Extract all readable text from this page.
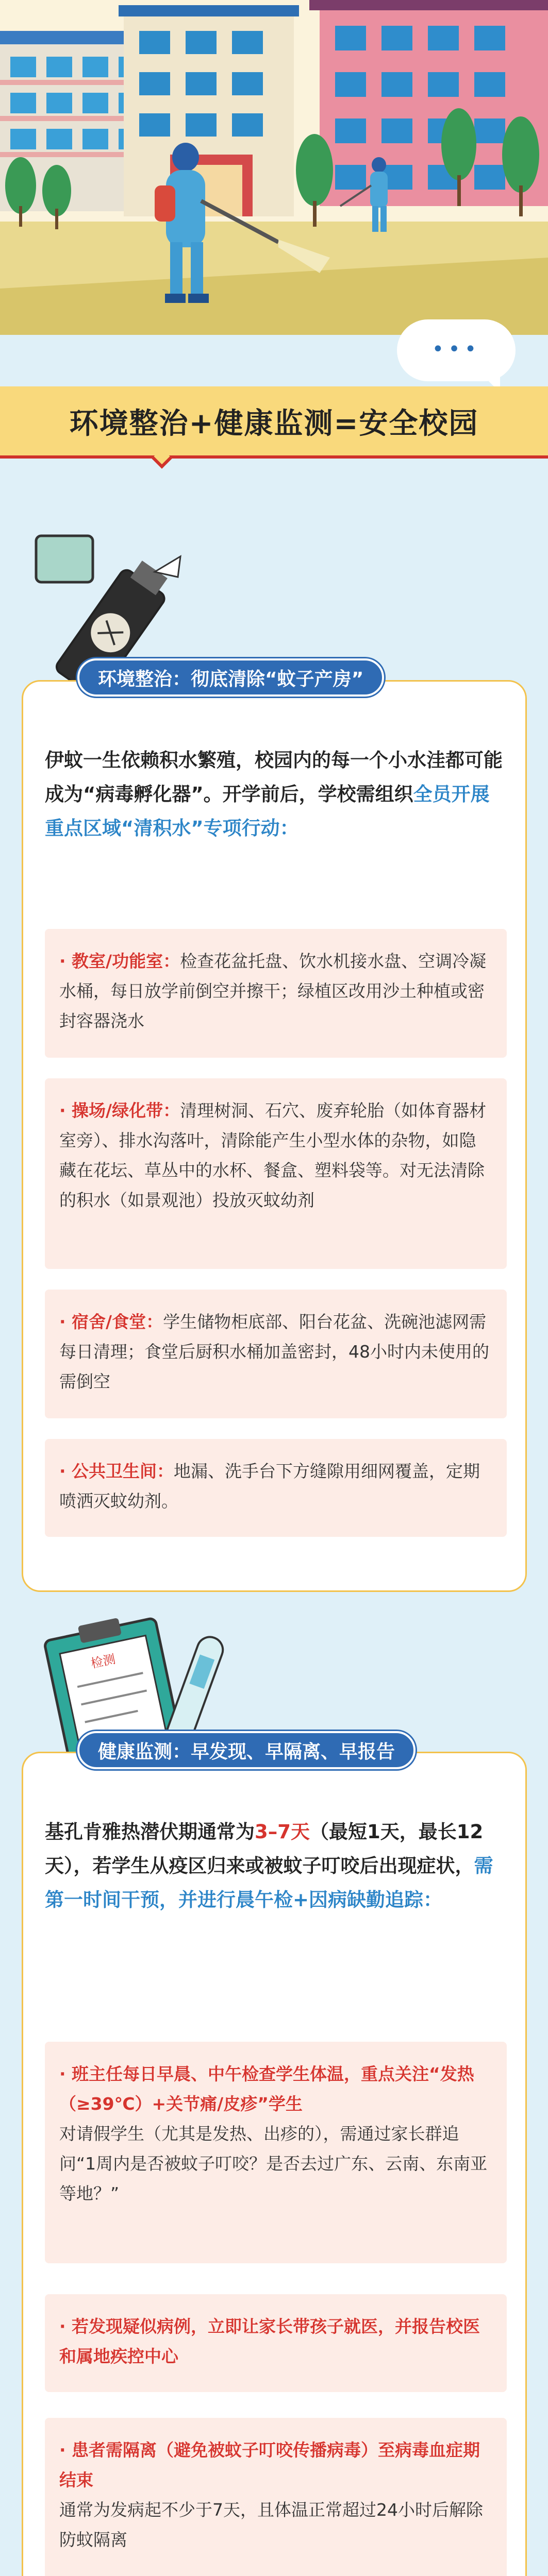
•••
环境整治+健康监测=安全校园
伊蚊一生依赖积水繁殖，校园内的每一个小水洼都可能成为“病毒孵化器”。开学前后，学校需组织全员开展重点区域“清积水”专项行动：
· 教室/功能室：检查花盆托盘、饮水机接水盘、空调冷凝水桶，每日放学前倒空并擦干；绿植区改用沙土种植或密封容器浇水
· 操场/绿化带：清理树洞、石穴、废弃轮胎（如体育器材室旁）、排水沟落叶，清除能产生小型水体的杂物，如隐藏在花坛、草丛中的水杯、餐盒、塑料袋等。对无法清除的积水（如景观池）投放灭蚊幼剂
· 宿舍/食堂：学生储物柜底部、阳台花盆、洗碗池滤网需每日清理；食堂后厨积水桶加盖密封，48小时内未使用的需倒空
· 公共卫生间：地漏、洗手台下方缝隙用细网覆盖，定期喷洒灭蚊幼剂。
环境整治：彻底清除“蚊子产房”
检测
基孔肯雅热潜伏期通常为3–7天（最短1天，最长12天），若学生从疫区归来或被蚊子叮咬后出现症状，需第一时间干预，并进行晨午检+因病缺勤追踪：
· 班主任每日早晨、中午检查学生体温，重点关注“发热（≥39℃）+关节痛/皮疹”学生
对请假学生（尤其是发热、出疹的），需通过家长群追问“1周内是否被蚊子叮咬？是否去过广东、云南、东南亚等地？”
· 若发现疑似病例，立即让家长带孩子就医，并报告校医和属地疾控中心
· 患者需隔离（避免被蚊子叮咬传播病毒）至病毒血症期结束
通常为发病起不少于7天，且体温正常超过24小时后解除防蚊隔离
健康监测：早发现、早隔离、早报告
